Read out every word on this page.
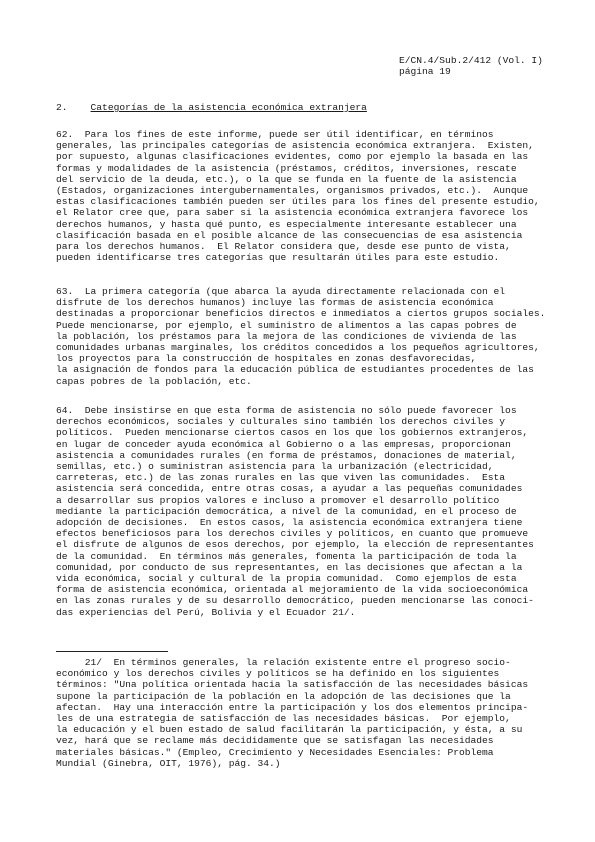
E/CN.4/Sub.2/412 (Vol. I)
página 19
2. Categorías de la asistencia económica extranjera
62.  Para los fines de este informe, puede ser útil identificar, en términos
generales, las principales categorías de asistencia económica extranjera.  Existen,
por supuesto, algunas clasificaciones evidentes, como por ejemplo la basada en las
formas y modalidades de la asistencia (préstamos, créditos, inversiones, rescate
del servicio de la deuda, etc.), o la que se funda en la fuente de la asistencia
(Estados, organizaciones intergubernamentales, organismos privados, etc.).  Aunque
estas clasificaciones también pueden ser útiles para los fines del presente estudio,
el Relator cree que, para saber si la asistencia económica extranjera favorece los
derechos humanos, y hasta qué punto, es especialmente interesante establecer una
clasificación basada en el posible alcance de las consecuencias de esa asistencia
para los derechos humanos.  El Relator considera que, desde ese punto de vista,
pueden identificarse tres categorías que resultarán útiles para este estudio.
63.  La primera categoría (que abarca la ayuda directamente relacionada con el
disfrute de los derechos humanos) incluye las formas de asistencia económica
destinadas a proporcionar beneficios directos e inmediatos a ciertos grupos sociales.
Puede mencionarse, por ejemplo, el suministro de alimentos a las capas pobres de
la población, los préstamos para la mejora de las condiciones de vivienda de las
comunidades urbanas marginales, los créditos concedidos a los pequeños agricultores,
los proyectos para la construcción de hospitales en zonas desfavorecidas,
la asignación de fondos para la educación pública de estudiantes procedentes de las
capas pobres de la población, etc.
64.  Debe insistirse en que esta forma de asistencia no sólo puede favorecer los
derechos económicos, sociales y culturales sino también los derechos civiles y
políticos.  Pueden mencionarse ciertos casos en los que los gobiernos extranjeros,
en lugar de conceder ayuda económica al Gobierno o a las empresas, proporcionan
asistencia a comunidades rurales (en forma de préstamos, donaciones de material,
semillas, etc.) o suministran asistencia para la urbanización (electricidad,
carreteras, etc.) de las zonas rurales en las que viven las comunidades.  Esta
asistencia será concedida, entre otras cosas, a ayudar a las pequeñas comunidades
a desarrollar sus propios valores e incluso a promover el desarrollo político
mediante la participación democrática, a nivel de la comunidad, en el proceso de
adopción de decisiones.  En estos casos, la asistencia económica extranjera tiene
efectos beneficiosos para los derechos civiles y políticos, en cuanto que promueve
el disfrute de algunos de esos derechos, por ejemplo, la elección de representantes
de la comunidad.  En términos más generales, fomenta la participación de toda la
comunidad, por conducto de sus representantes, en las decisiones que afectan a la
vida económica, social y cultural de la propia comunidad.  Como ejemplos de esta
forma de asistencia económica, orientada al mejoramiento de la vida socioeconómica
en las zonas rurales y de su desarrollo democrático, pueden mencionarse las conoci-
das experiencias del Perú, Bolivia y el Ecuador 21/.
21/  En términos generales, la relación existente entre el progreso socio-
económico y los derechos civiles y políticos se ha definido en los siguientes
términos: "Una política orientada hacia la satisfacción de las necesidades básicas
supone la participación de la población en la adopción de las decisiones que la
afectan.  Hay una interacción entre la participación y los dos elementos principa-
les de una estrategia de satisfacción de las necesidades básicas.  Por ejemplo,
la educación y el buen estado de salud facilitarán la participación, y ésta, a su
vez, hará que se reclame más decididamente que se satisfagan las necesidades
materiales básicas." (Empleo, Crecimiento y Necesidades Esenciales: Problema
Mundial (Ginebra, OIT, 1976), pág. 34.)
